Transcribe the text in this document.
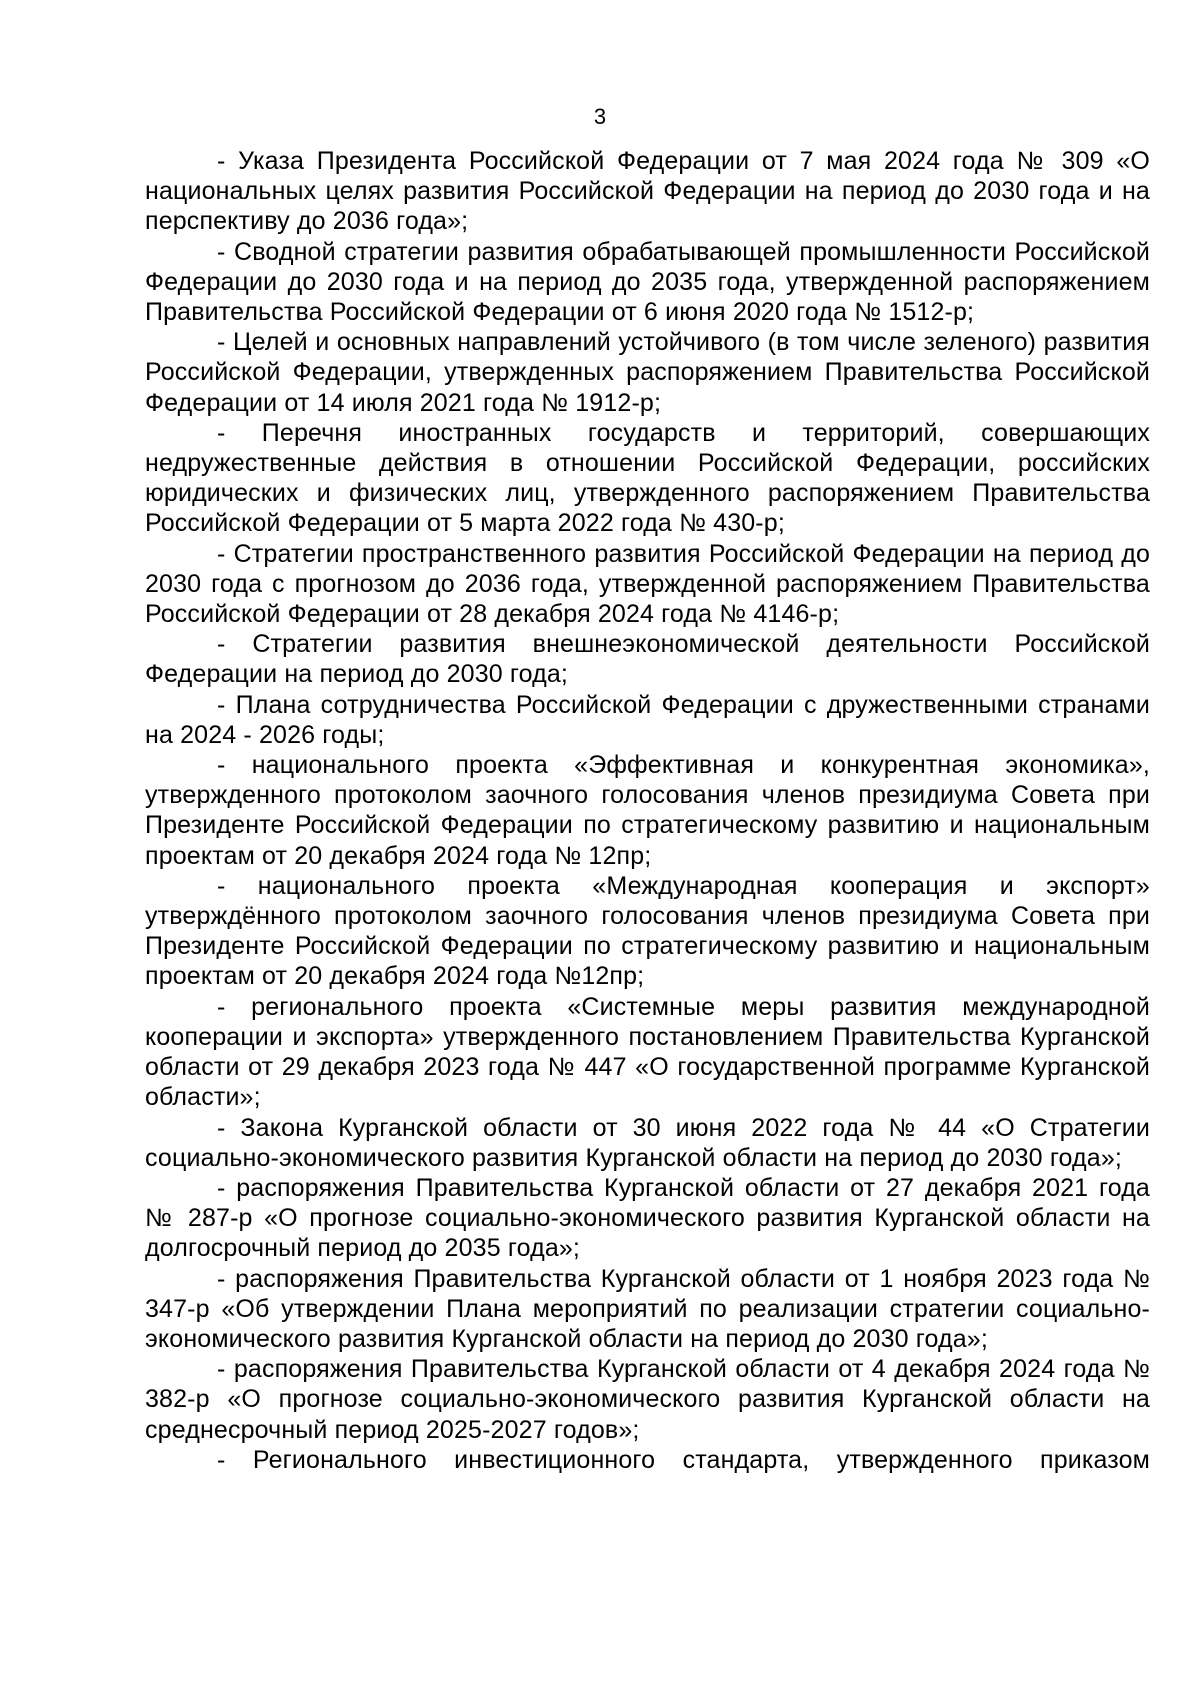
3

- Указа Президента Российской Федерации от 7 мая 2024 года № 309 «О национальных целях развития Российской Федерации на период до 2030 года и на перспективу до 2036 года»;

- Сводной стратегии развития обрабатывающей промышленности Российской Федерации до 2030 года и на период до 2035 года, утвержденной распоряжением Правительства Российской Федерации от 6 июня 2020 года № 1512-р;

- Целей и основных направлений устойчивого (в том числе зеленого) развития Российской Федерации, утвержденных распоряжением Правительства Российской Федерации от 14 июля 2021 года № 1912-р;

- Перечня иностранных государств и территорий, совершающих недружественные действия в отношении Российской Федерации, российских юридических и физических лиц, утвержденного распоряжением Правительства Российской Федерации от 5 марта 2022 года № 430-р;

- Стратегии пространственного развития Российской Федерации на период до 2030 года с прогнозом до 2036 года, утвержденной распоряжением Правительства Российской Федерации от 28 декабря 2024 года № 4146-р;

- Стратегии развития внешнеэкономической деятельности Российской Федерации на период до 2030 года;

- Плана сотрудничества Российской Федерации с дружественными странами на 2024 - 2026 годы;

- национального проекта «Эффективная и конкурентная экономика», утвержденного протоколом заочного голосования членов президиума Совета при Президенте Российской Федерации по стратегическому развитию и национальным проектам от 20 декабря 2024 года № 12пр;

- национального проекта «Международная кооперация и экспорт» утверждённого протоколом заочного голосования членов президиума Совета при Президенте Российской Федерации по стратегическому развитию и национальным проектам от 20 декабря 2024 года №12пр;

- регионального проекта «Системные меры развития международной кооперации и экспорта» утвержденного постановлением Правительства Курганской области от 29 декабря 2023 года № 447 «О государственной программе Курганской области»;

- Закона Курганской области от 30 июня 2022 года № 44 «О Стратегии социально-экономического развития Курганской области на период до 2030 года»;

- распоряжения Правительства Курганской области от 27 декабря 2021 года № 287-р «О прогнозе социально-экономического развития Курганской области на долгосрочный период до 2035 года»;

- распоряжения Правительства Курганской области от 1 ноября 2023 года № 347-р «Об утверждении Плана мероприятий по реализации стратегии социально-экономического развития Курганской области на период до 2030 года»;

- распоряжения Правительства Курганской области от 4 декабря 2024 года № 382-р «О прогнозе социально-экономического развития Курганской области на среднесрочный период 2025-2027 годов»;

- Регионального инвестиционного стандарта, утвержденного приказом
